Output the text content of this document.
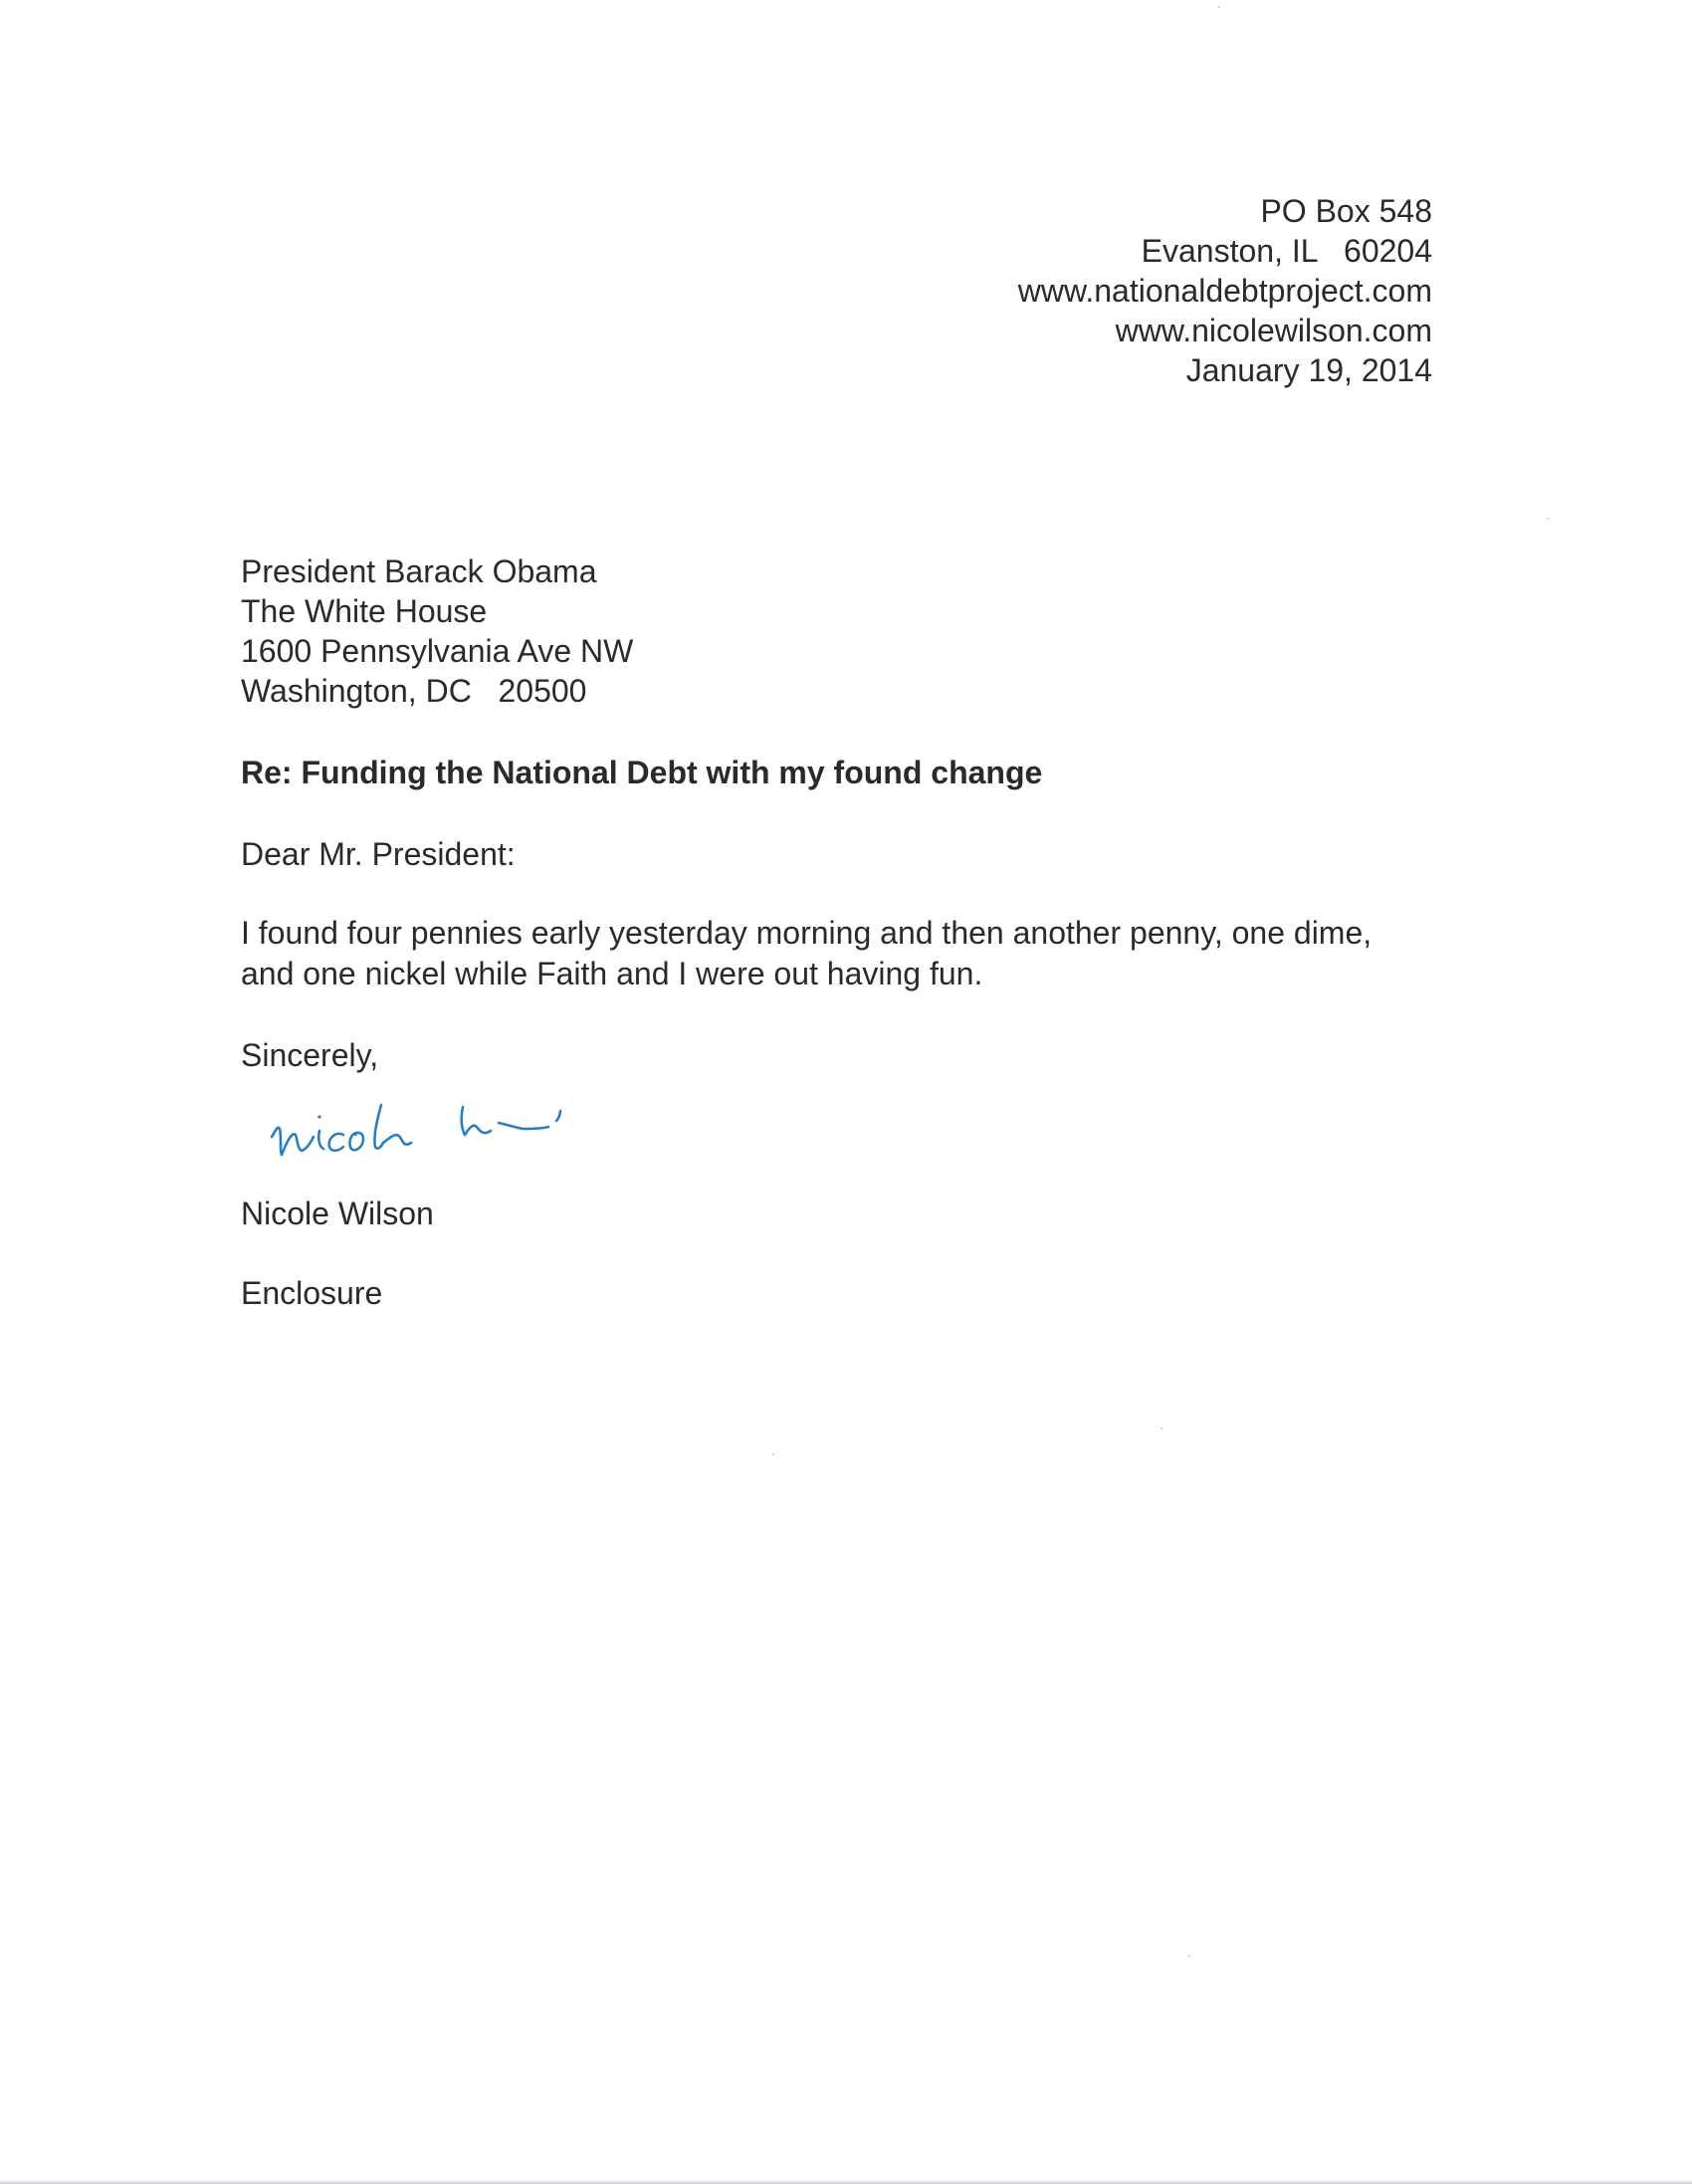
PO Box 548
Evanston, IL   60204
www.nationaldebtproject.com
www.nicolewilson.com
January 19, 2014
President Barack Obama
The White House
1600 Pennsylvania Ave NW
Washington, DC   20500
Re: Funding the National Debt with my found change
Dear Mr. President:
I found four pennies early yesterday morning and then another penny, one dime,
and one nickel while Faith and I were out having fun.
Sincerely,
Nicole Wilson
Enclosure
